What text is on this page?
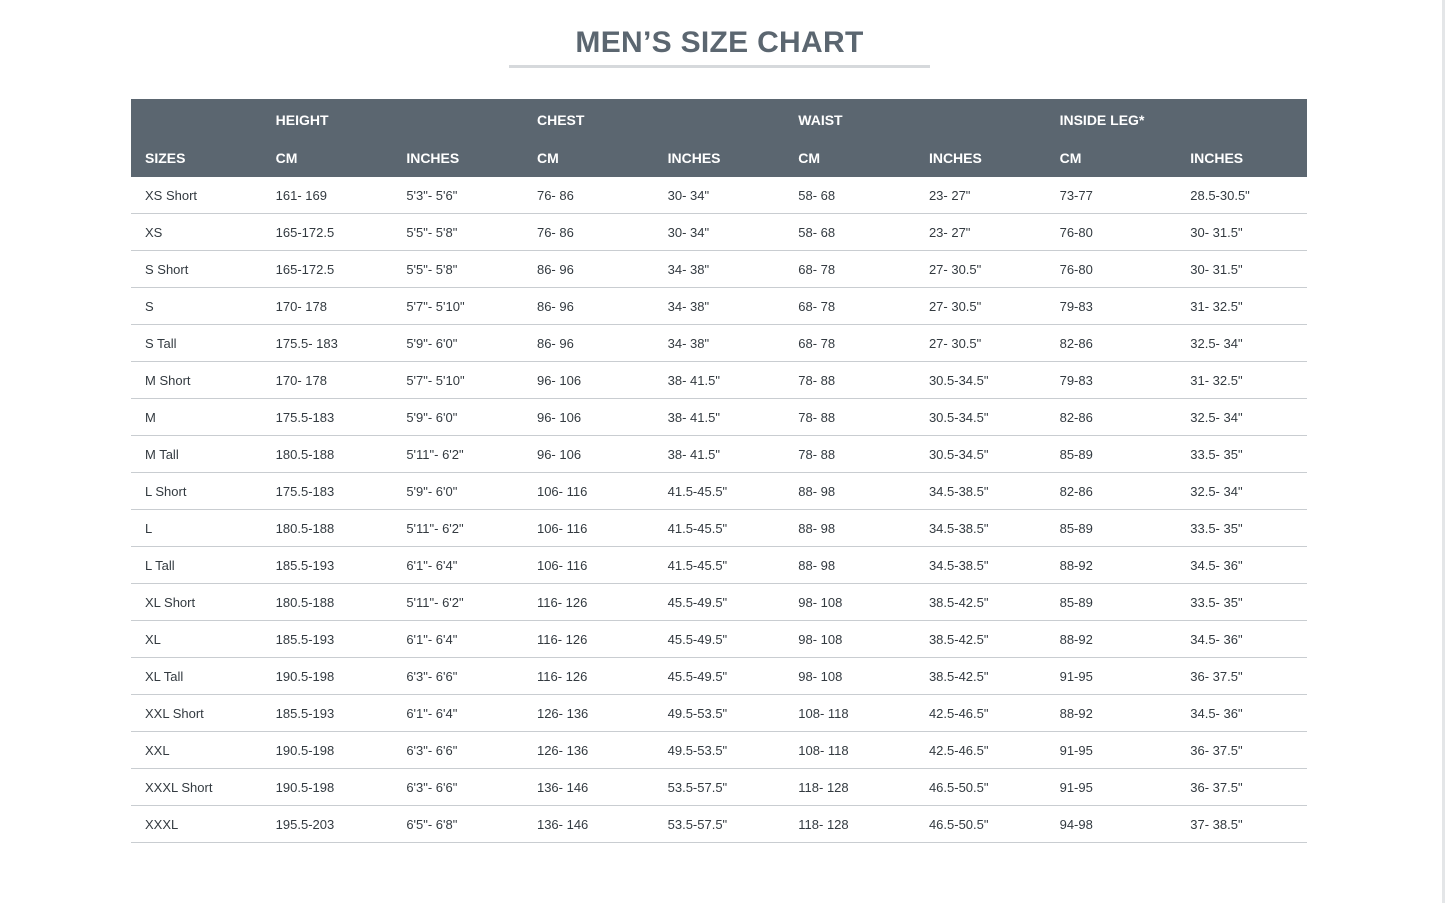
MEN’S SIZE CHART
	HEIGHT		CHEST		WAIST		INSIDE LEG*	
SIZES	CM	INCHES	CM	INCHES	CM	INCHES	CM	INCHES
XS Short	161- 169	5'3"- 5'6"	76- 86	30- 34"	58- 68	23- 27"	73-77	28.5-30.5"
XS	165-172.5	5'5"- 5'8"	76- 86	30- 34"	58- 68	23- 27"	76-80	30- 31.5"
S Short	165-172.5	5'5"- 5'8"	86- 96	34- 38"	68- 78	27- 30.5"	76-80	30- 31.5"
S	170- 178	5'7"- 5'10"	86- 96	34- 38"	68- 78	27- 30.5"	79-83	31- 32.5"
S Tall	175.5- 183	5'9"- 6'0"	86- 96	34- 38"	68- 78	27- 30.5"	82-86	32.5- 34"
M Short	170- 178	5'7"- 5'10"	96- 106	38- 41.5"	78- 88	30.5-34.5"	79-83	31- 32.5"
M	175.5-183	5'9"- 6'0"	96- 106	38- 41.5"	78- 88	30.5-34.5"	82-86	32.5- 34"
M Tall	180.5-188	5'11"- 6'2"	96- 106	38- 41.5"	78- 88	30.5-34.5"	85-89	33.5- 35"
L Short	175.5-183	5'9"- 6'0"	106- 116	41.5-45.5"	88- 98	34.5-38.5"	82-86	32.5- 34"
L	180.5-188	5'11"- 6'2"	106- 116	41.5-45.5"	88- 98	34.5-38.5"	85-89	33.5- 35"
L Tall	185.5-193	6'1"- 6'4"	106- 116	41.5-45.5"	88- 98	34.5-38.5"	88-92	34.5- 36"
XL Short	180.5-188	5'11"- 6'2"	116- 126	45.5-49.5"	98- 108	38.5-42.5"	85-89	33.5- 35"
XL	185.5-193	6'1"- 6'4"	116- 126	45.5-49.5"	98- 108	38.5-42.5"	88-92	34.5- 36"
XL Tall	190.5-198	6'3"- 6'6"	116- 126	45.5-49.5"	98- 108	38.5-42.5"	91-95	36- 37.5"
XXL Short	185.5-193	6'1"- 6'4"	126- 136	49.5-53.5"	108- 118	42.5-46.5"	88-92	34.5- 36"
XXL	190.5-198	6'3"- 6'6"	126- 136	49.5-53.5"	108- 118	42.5-46.5"	91-95	36- 37.5"
XXXL Short	190.5-198	6'3"- 6'6"	136- 146	53.5-57.5"	118- 128	46.5-50.5"	91-95	36- 37.5"
XXXL	195.5-203	6'5"- 6'8"	136- 146	53.5-57.5"	118- 128	46.5-50.5"	94-98	37- 38.5"
